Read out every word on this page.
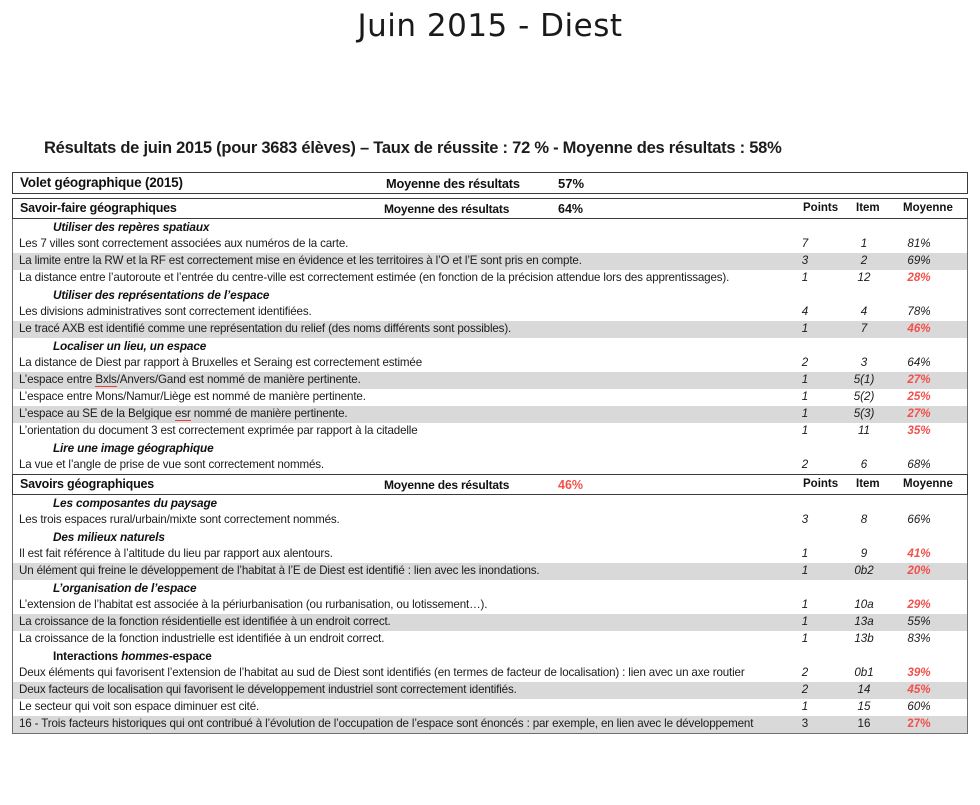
Juin 2015 - Diest
Résultats de juin 2015 (pour 3683 élèves) – Taux de réussite : 72 % - Moyenne des résultats : 58%
Volet géographique (2015)	Moyenne des résultats	57%
Savoir-faire géographiques	Moyenne des résultats	64%	Points Item Moyenne
Utiliser des repères spatiaux
Les 7 villes sont correctement associées aux numéros de la carte.	7	1	81%
La limite entre la RW et la RF est correctement mise en évidence et les territoires à l’O et l’E sont pris en compte.	3	2	69%
La distance entre l’autoroute et l’entrée du centre-ville est correctement estimée (en fonction de la précision attendue lors des apprentissages).	1	12	28%
Utiliser des représentations de l’espace
Les divisions administratives sont correctement identifiées.	4	4	78%
Le tracé AXB est identifié comme une représentation du relief (des noms différents sont possibles).	1	7	46%
Localiser un lieu, un espace
La distance de Diest par rapport à Bruxelles et Seraing est correctement estimée	2	3	64%
L’espace entre Bxls/Anvers/Gand est nommé de manière pertinente.	1	5(1)	27%
L’espace entre Mons/Namur/Liège est nommé de manière pertinente.	1	5(2)	25%
L’espace au SE de la Belgique esr nommé de manière pertinente.	1	5(3)	27%
L’orientation du document 3 est correctement exprimée par rapport à la citadelle	1	11	35%
Lire une image géographique
La vue et l’angle de prise de vue sont correctement nommés.	2	6	68%
Savoirs géographiques	Moyenne des résultats	46%	Points Item Moyenne
Les composantes du paysage
Les trois espaces rural/urbain/mixte sont correctement nommés.	3	8	66%
Des milieux naturels
Il est fait référence à l’altitude du lieu par rapport aux alentours.	1	9	41%
Un élément qui freine le développement de l’habitat à l’E de Diest est identifié : lien avec les inondations.	1	0b2	20%
L’organisation de l’espace
L’extension de l’habitat est associée à la périurbanisation (ou rurbanisation, ou lotissement…).	1	10a	29%
La croissance de la fonction résidentielle est identifiée à un endroit correct.	1	13a	55%
La croissance de la fonction industrielle est identifiée à un endroit correct.	1	13b	83%
Interactions hommes-espace
Deux éléments qui favorisent l’extension de l’habitat au sud de Diest sont identifiés (en termes de facteur de localisation) : lien avec un axe routier	2	0b1	39%
Deux facteurs de localisation qui favorisent le développement industriel sont correctement identifiés.	2	14	45%
Le secteur qui voit son espace diminuer est cité.	1	15	60%
16 - Trois facteurs historiques qui ont contribué à l’évolution de l’occupation de l’espace sont énoncés : par exemple, en lien avec le développement	3	16	27%
